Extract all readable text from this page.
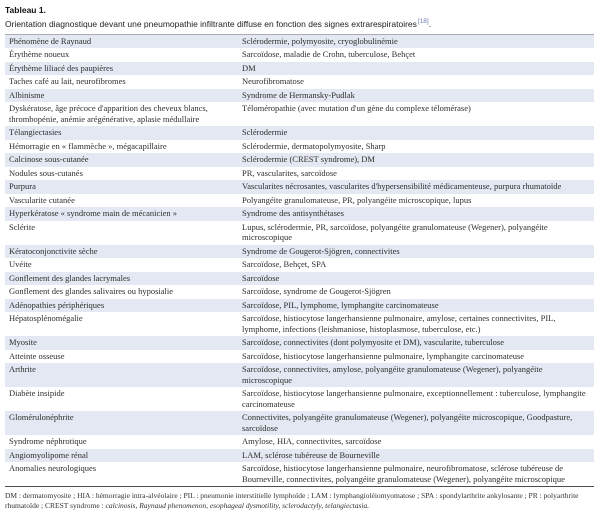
Tableau 1.
Orientation diagnostique devant une pneumopathie infiltrante diffuse en fonction des signes extrarespiratoires[18].
Phénomène de Raynaud	Sclérodermie, polymyosite, cryoglobulinémie
Érythème noueux	Sarcoïdose, maladie de Crohn, tuberculose, Behçet
Érythème liliacé des paupières	DM
Taches café au lait, neurofibromes	Neurofibromatose
Albinisme	Syndrome de Hermansky-Pudlak
Dyskératose, âge précoce d'apparition des cheveux blancs, thrombopénie, anémie arégénérative, aplasie médullaire	Téloméropathie (avec mutation d'un gène du complexe télomérase)
Télangiectasies	Sclérodermie
Hémorragie en « flammèche », mégacapillaire	Sclérodermie, dermatopolymyosite, Sharp
Calcinose sous-cutanée	Sclérodermie (CREST syndrome), DM
Nodules sous-cutanés	PR, vascularites, sarcoïdose
Purpura	Vascularites nécrosantes, vascularites d'hypersensibilité médicamenteuse, purpura rhumatoïde
Vascularite cutanée	Polyangéite granulomateuse, PR, polyangéite microscopique, lupus
Hyperkératose « syndrome main de mécanicien »	Syndrome des antisynthétases
Sclérite	Lupus, sclérodermie, PR, sarcoïdose, polyangéite granulomateuse (Wegener), polyangéite microscopique
Kératoconjonctivite sèche	Syndrome de Gougerot-Sjögren, connectivites
Uvéite	Sarcoïdose, Behçet, SPA
Gonflement des glandes lacrymales	Sarcoïdose
Gonflement des glandes salivaires ou hyposialie	Sarcoïdose, syndrome de Gougerot-Sjögren
Adénopathies périphériques	Sarcoïdose, PIL, lymphome, lymphangite carcinomateuse
Hépatosplénomégalie	Sarcoïdose, histiocytose langerhansienne pulmonaire, amylose, certaines connectivites, PIL, lymphome, infections (leishmaniose, histoplasmose, tuberculose, etc.)
Myosite	Sarcoïdose, connectivites (dont polymyosite et DM), vascularite, tuberculose
Atteinte osseuse	Sarcoïdose, histiocytose langerhansienne pulmonaire, lymphangite carcinomateuse
Arthrite	Sarcoïdose, connectivites, amylose, polyangéite granulomateuse (Wegener), polyangéite microscopique
Diabète insipide	Sarcoïdose, histiocytose langerhansienne pulmonaire, exceptionnellement : tuberculose, lymphangite carcinomateuse
Glomérulonéphrite	Connectivites, polyangéite granulomateuse (Wegener), polyangéite microscopique, Goodpasture, sarcoïdose
Syndrome néphrotique	Amylose, HIA, connectivites, sarcoïdose
Angiomyolipome rénal	LAM, sclérose tubéreuse de Bourneville
Anomalies neurologiques	Sarcoïdose, histiocytose langerhansienne pulmonaire, neurofibromatose, sclérose tubéreuse de Bourneville, connectivites, polyangéite granulomateuse (Wegener), polyangéite microscopique
DM : dermatomyosite ; HIA : hémorragie intra-alvéolaire ; PIL : pneumonie interstitielle lymphoïde ; LAM : lymphangioléiomyomatose ; SPA : spondylarthrite ankylosante ; PR : polyarthrite rhumatoïde ; CREST syndrome : calcinosis, Raynaud phenomenon, esophageal dysmotility, sclerodactyly, telangiectasia.
